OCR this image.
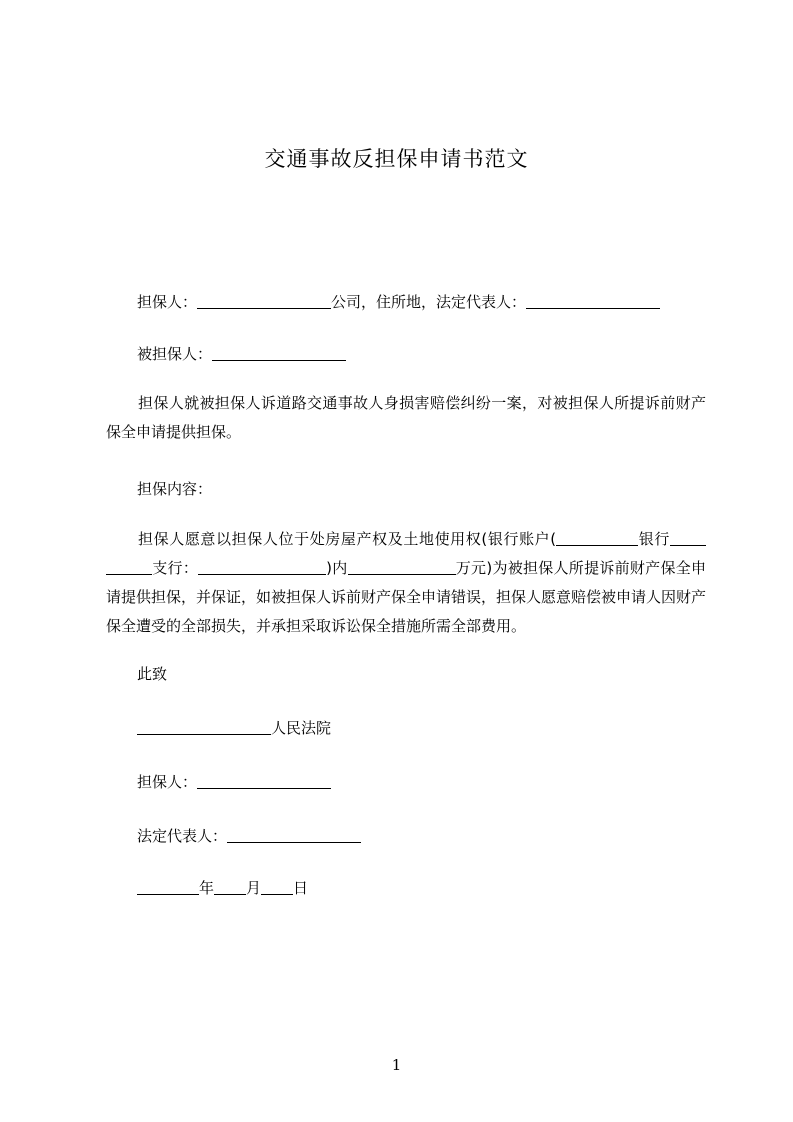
交通事故反担保申请书范文
担保人：	公司，住所地，法定代表人：
被担保人：

担保人就被担保人诉道路交通事故人身损害赔偿纠纷一案，对被担保人所提诉前财产保全申请提供担保。

担保内容：

担保人愿意以担保人位于处房屋产权及土地使用权(银行账户(	银行支行：	)内	万元)为被担保人所提诉前财产保全申请提供担保，并保证，如被担保人诉前财产保全申请错误，担保人愿意赔偿被申请人因财产保全遭受的全部损失，并承担采取诉讼保全措施所需全部费用。

此致
人民法院
担保人：
法定代表人：
年 月 日
1
